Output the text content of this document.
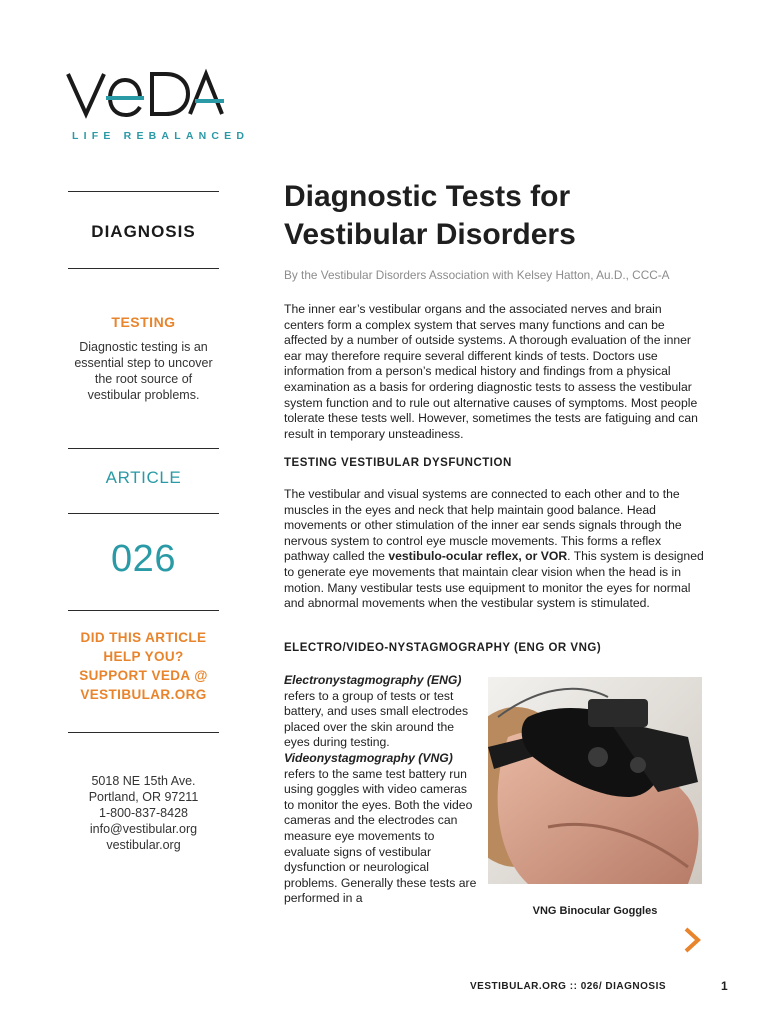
LIFE REBALANCED
DIAGNOSIS
TESTING
Diagnostic testing is an essential step to uncover the root source of vestibular problems.
ARTICLE
026
DID THIS ARTICLE HELP YOU? SUPPORT VEDA @ VESTIBULAR.ORG
5018 NE 15th Ave.
Portland, OR 97211
1-800-837-8428
info@vestibular.org
vestibular.org
Diagnostic Tests for Vestibular Disorders
By the Vestibular Disorders Association with Kelsey Hatton, Au.D., CCC-A

The inner ear’s vestibular organs and the associated nerves and brain centers form a complex system that serves many functions and can be affected by a number of outside systems. A thorough evaluation of the inner ear may therefore require several different kinds of tests. Doctors use information from a person’s medical history and findings from a physical examination as a basis for ordering diagnostic tests to assess the vestibular system function and to rule out alternative causes of symptoms. Most people tolerate these tests well. However, sometimes the tests are fatiguing and can result in temporary unsteadiness.

TESTING VESTIBULAR DYSFUNCTION

The vestibular and visual systems are connected to each other and to the muscles in the eyes and neck that help maintain good balance. Head movements or other stimulation of the inner ear sends signals through the nervous system to control eye muscle movements. This forms a reflex pathway called the vestibulo-ocular reflex, or VOR. This system is designed to generate eye movements that maintain clear vision when the head is in motion. Many vestibular tests use equipment to monitor the eyes for normal and abnormal movements when the vestibular system is stimulated.

ELECTRO/VIDEO-NYSTAGMOGRAPHY (ENG OR VNG)

Electronystagmography (ENG) refers to a group of tests or test battery, and uses small electrodes placed over the skin around the eyes during testing. Videonystagmography (VNG) refers to the same test battery run using goggles with video cameras to monitor the eyes. Both the video cameras and the electrodes can measure eye movements to evaluate signs of vestibular dysfunction or neurological problems. Generally these tests are performed in a

VNG Binocular Goggles
VESTIBULAR.ORG :: 026/ DIAGNOSIS	1
